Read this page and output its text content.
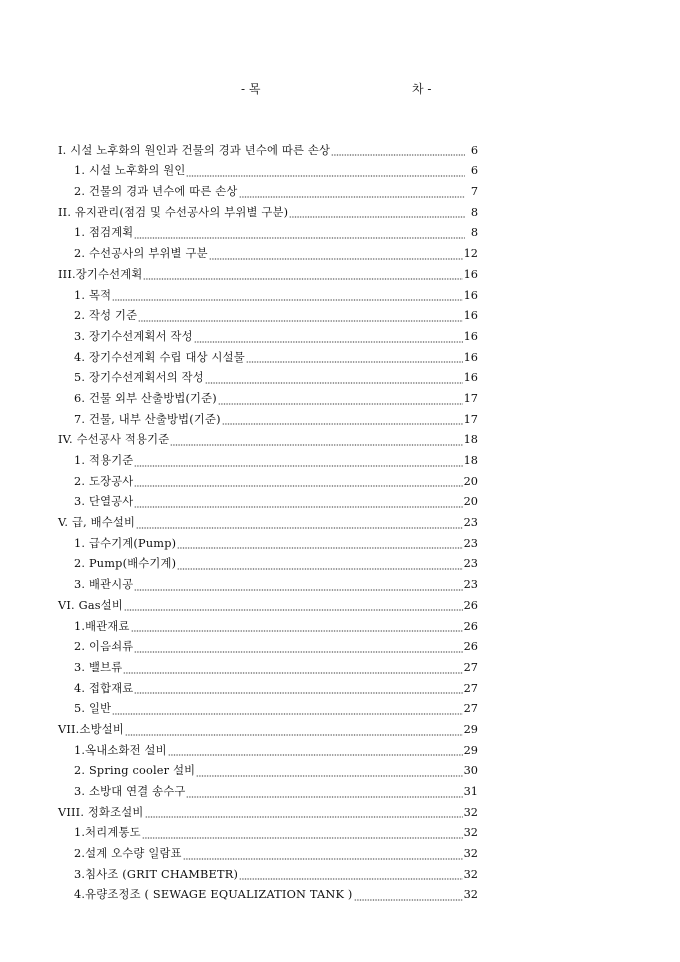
- 목	차 -
I. 시설 노후화의 원인과 건물의 경과 년수에 따른 손상	6
1. 시설 노후화의 원인	6
2. 건물의 경과 년수에 따른 손상	7
II. 유지관리(점검 및 수선공사의 부위별 구분)	8
1. 점검계획	8
2. 수선공사의 부위별 구분	12
III.장기수선계획	16
1. 목적	16
2. 작성 기준	16
3. 장기수선계획서 작성	16
4. 장기수선계획 수립 대상 시설물	16
5. 장기수선계획서의 작성	16
6. 건물 외부 산출방법(기준)	17
7. 건물, 내부 산출방법(기준)	17
IV. 수선공사 적용기준	18
1. 적용기준	18
2. 도장공사	20
3. 단열공사	20
V. 급, 배수설비	23
1. 급수기계(Pump)	23
2. Pump(배수기계)	23
3. 배관시공	23
VI. Gas설비	26
1.배관재료	26
2. 이음쇠류	26
3. 밸브류	27
4. 접합재료	27
5. 일반	27
VII.소방설비	29
1.옥내소화전 설비	29
2. Spring cooler 설비	30
3. 소방대 연결 송수구	31
VIII. 정화조설비	32
1.처리계통도	32
2.설계 오수량 일람표	32
3.침사조 (GRIT CHAMBETR)	32
4.유량조정조 ( SEWAGE EQUALIZATION TANK )	32
